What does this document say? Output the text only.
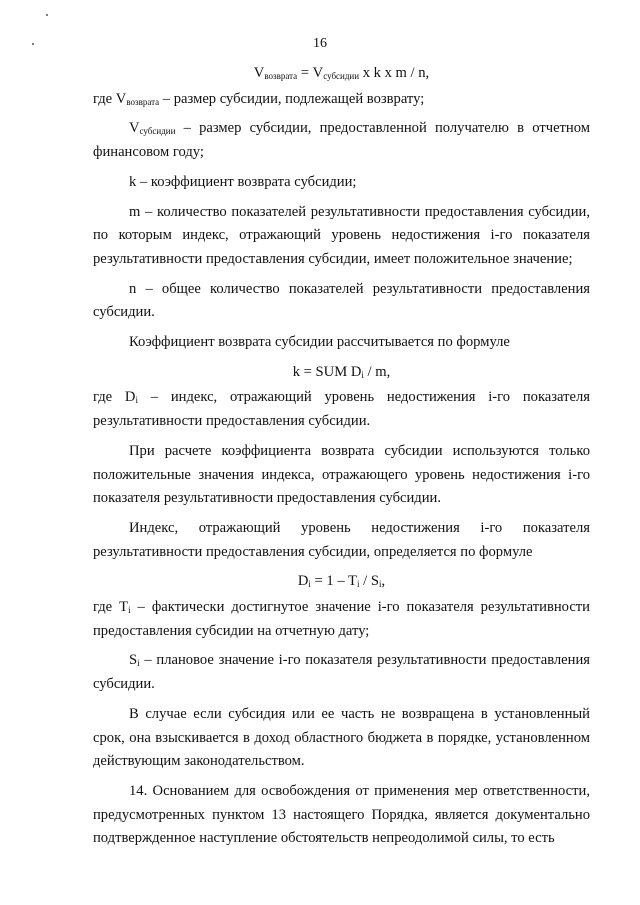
16

$V_{возврата} = V_{субсидии}$ x k x m / n,

где $V_{возврата}$ – размер субсидии, подлежащей возврату;

$V_{субсидии}$ – размер субсидии, предоставленной получателю в отчетном финансовом году;

k – коэффициент возврата субсидии;

m – количество показателей результативности предоставления субсидии, по которым индекс, отражающий уровень недостижения i-го показателя результативности предоставления субсидии, имеет положительное значение;

n – общее количество показателей результативности предоставления субсидии.

Коэффициент возврата субсидии рассчитывается по формуле

k = SUM $D_i$ / m,

где $D_i$ – индекс, отражающий уровень недостижения i-го показателя результативности предоставления субсидии.

При расчете коэффициента возврата субсидии используются только положительные значения индекса, отражающего уровень недостижения i-го показателя результативности предоставления субсидии.

Индекс, отражающий уровень недостижения i-го показателя результативности предоставления субсидии, определяется по формуле

$D_i = 1 - T_i / S_i$,

где $T_i$ – фактически достигнутое значение i-го показателя результативности предоставления субсидии на отчетную дату;

$S_i$ – плановое значение i-го показателя результативности предоставления субсидии.

В случае если субсидия или ее часть не возвращена в установленный срок, она взыскивается в доход областного бюджета в порядке, установленном действующим законодательством.

14. Основанием для освобождения от применения мер ответственности, предусмотренных пунктом 13 настоящего Порядка, является документально подтвержденное наступление обстоятельств непреодолимой силы, то есть
